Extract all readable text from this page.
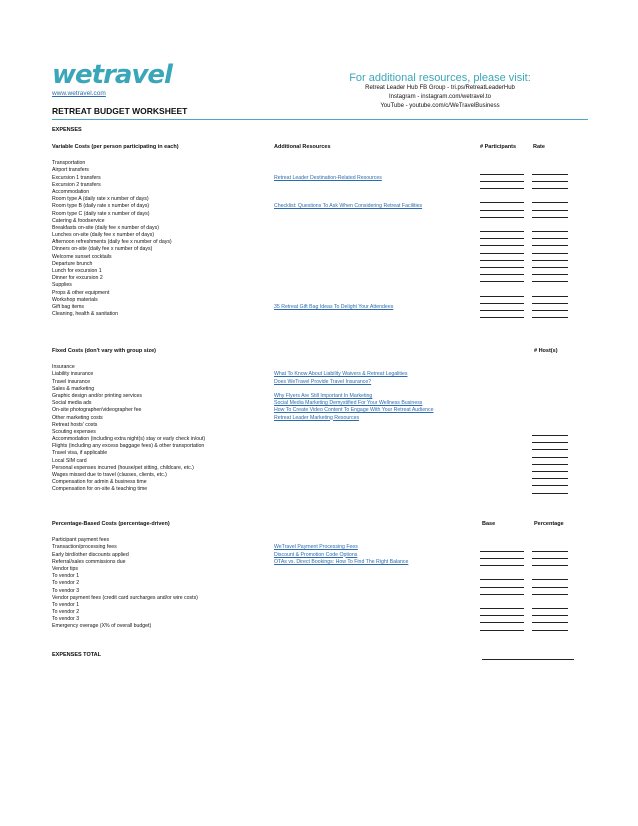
wetravel
www.wetravel.com
For additional resources, please visit:
Retreat Leader Hub FB Group - tri.ps/RetreatLeaderHub
Instagram - instagram.com/wetravel.to
YouTube - youtube.com/c/WeTravelBusiness
RETREAT BUDGET WORKSHEET
EXPENSES
Variable Costs (per person participating in each)	Additional Resources	# Participants	Rate
Transportation
Airport transfers
Excursion 1 transfers	Retreat Leader Destination-Related Resources
Excursion 2 transfers
Accommodation
Room type A (daily rate x number of days)
Room type B (daily rate x number of days)	Checklist: Questions To Ask When Considering Retreat Facilities
Room type C (daily rate x number of days)
Catering & foodservice
Breakfasts on-site (daily fee x number of days)
Lunches on-site (daily fee x number of days)
Afternoon refreshments (daily fee x number of days)
Dinners on-site (daily fee x number of days)
Welcome sunset cocktails
Departure brunch
Lunch for excursion 1
Dinner for excursion 2
Supplies
Props & other equipment
Workshop materials
Gift bag items	35 Retreat Gift Bag Ideas To Delight Your Attendees
Cleaning, health & sanitation
Fixed Costs (don't vary with group size)	# Host(s)
Insurance
Liability insurance	What To Know About Liability Waivers & Retreat Legalities
Travel insurance	Does WeTravel Provide Travel Insurance?
Sales & marketing
Graphic design and/or printing services	Why Flyers Are Still Important In Marketing
Social media ads	Social Media Marketing Demystified For Your Wellness Business
On-site photographer/videographer fee	How To Create Video Content To Engage With Your Retreat Audience
Other marketing costs	Retreat Leader Marketing Resources
Retreat hosts' costs
Scouting expenses
Accommodation (including extra night(s) stay or early check in/out)
Flights (including any excess baggage fees) & other transportation
Travel visa, if applicable
Local SIM card
Personal expenses incurred (house/pet sitting, childcare, etc.)
Wages missed due to travel (classes, clients, etc.)
Compensation for admin & business time
Compensation for on-site & teaching time
Percentage-Based Costs (percentage-driven)	Base	Percentage
Participant payment fees
Transaction/processing fees	WeTravel Payment Processing Fees
Early bird/other discounts applied	Discount & Promotion Code Options
Referral/sales commissions due	OTAs vs. Direct Bookings: How To Find The Right Balance
Vendor tips
To vendor 1
To vendor 2
To vendor 3
Vendor payment fees (credit card surcharges and/or wire costs)
To vendor 1
To vendor 2
To vendor 3
Emergency overage (X% of overall budget)
EXPENSES TOTAL
